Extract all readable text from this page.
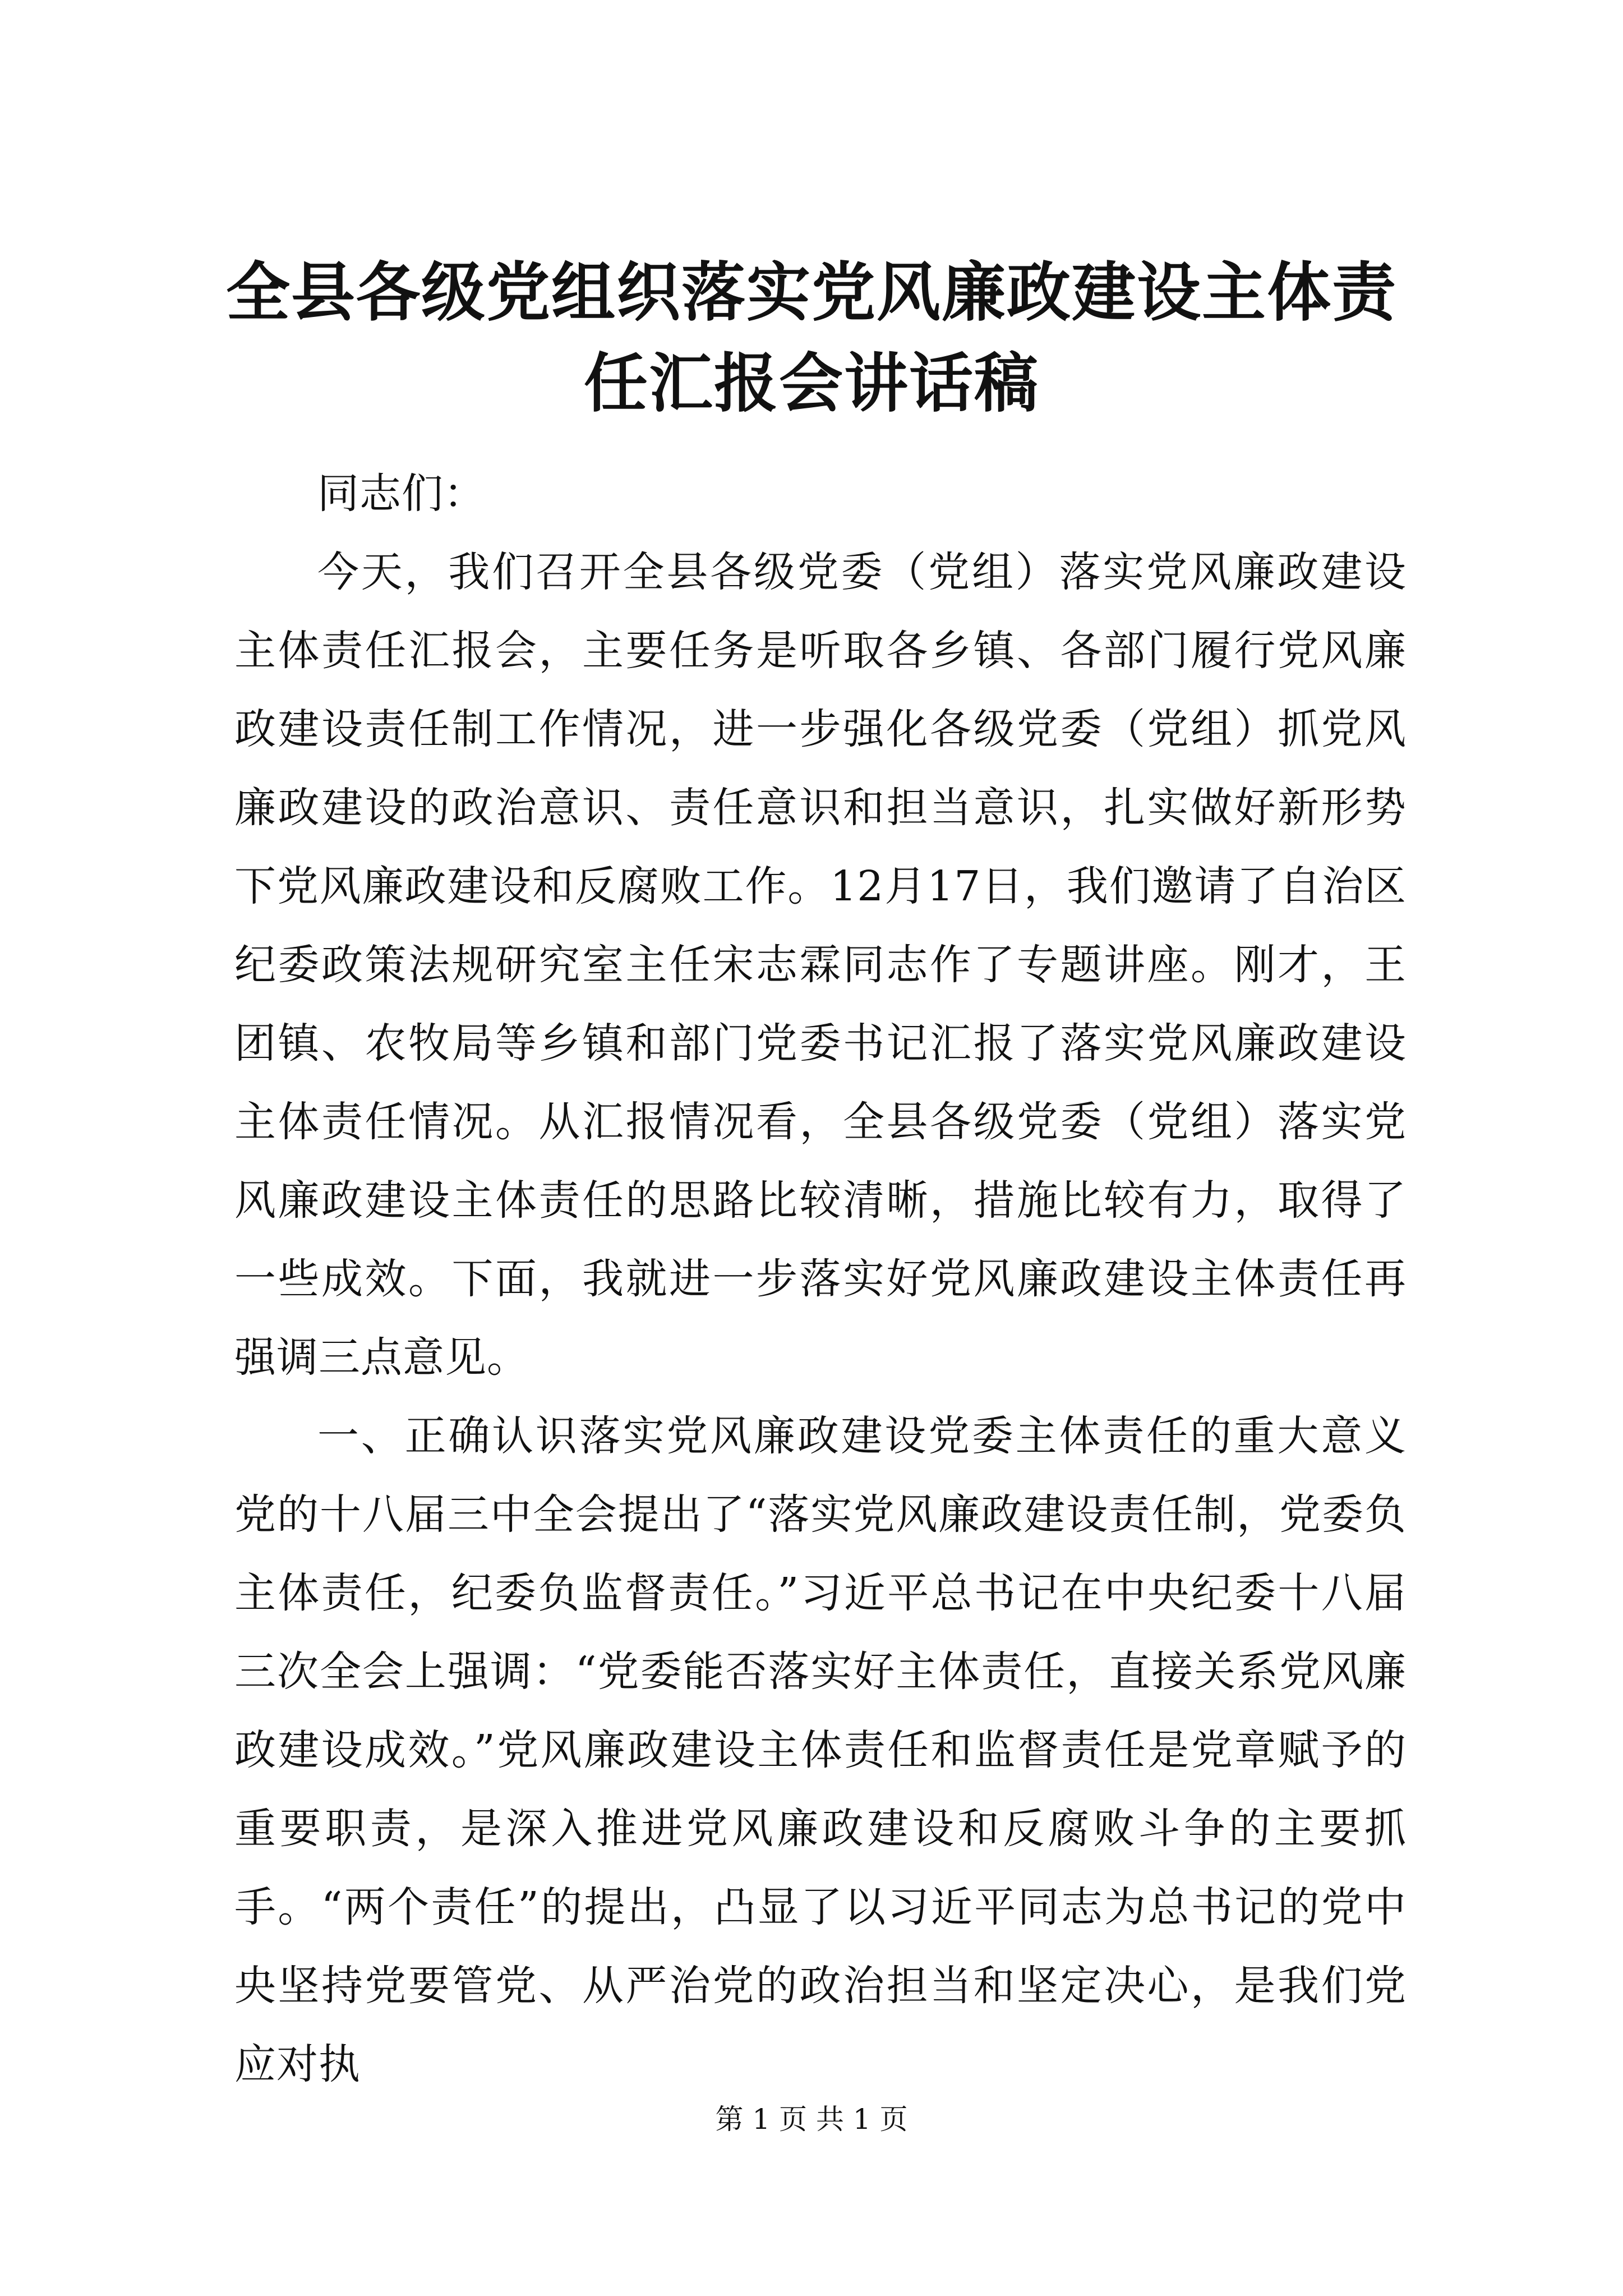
全县各级党组织落实党风廉政建设主体责任汇报会讲话稿

同志们：

今天，我们召开全县各级党委（党组）落实党风廉政建设主体责任汇报会，主要任务是听取各乡镇、各部门履行党风廉政建设责任制工作情况，进一步强化各级党委（党组）抓党风廉政建设的政治意识、责任意识和担当意识，扎实做好新形势下党风廉政建设和反腐败工作。12月17日，我们邀请了自治区纪委政策法规研究室主任宋志霖同志作了专题讲座。刚才，王团镇、农牧局等乡镇和部门党委书记汇报了落实党风廉政建设主体责任情况。从汇报情况看，全县各级党委（党组）落实党风廉政建设主体责任的思路比较清晰，措施比较有力，取得了一些成效。下面，我就进一步落实好党风廉政建设主体责任再强调三点意见。

一、正确认识落实党风廉政建设党委主体责任的重大意义党的十八届三中全会提出了“落实党风廉政建设责任制，党委负主体责任，纪委负监督责任。”习近平总书记在中央纪委十八届三次全会上强调：“党委能否落实好主体责任，直接关系党风廉政建设成效。”党风廉政建设主体责任和监督责任是党章赋予的重要职责，是深入推进党风廉政建设和反腐败斗争的主要抓手。“两个责任”的提出，凸显了以习近平同志为总书记的党中央坚持党要管党、从严治党的政治担当和坚定决心，是我们党应对执

第 1 页 共 1 页
